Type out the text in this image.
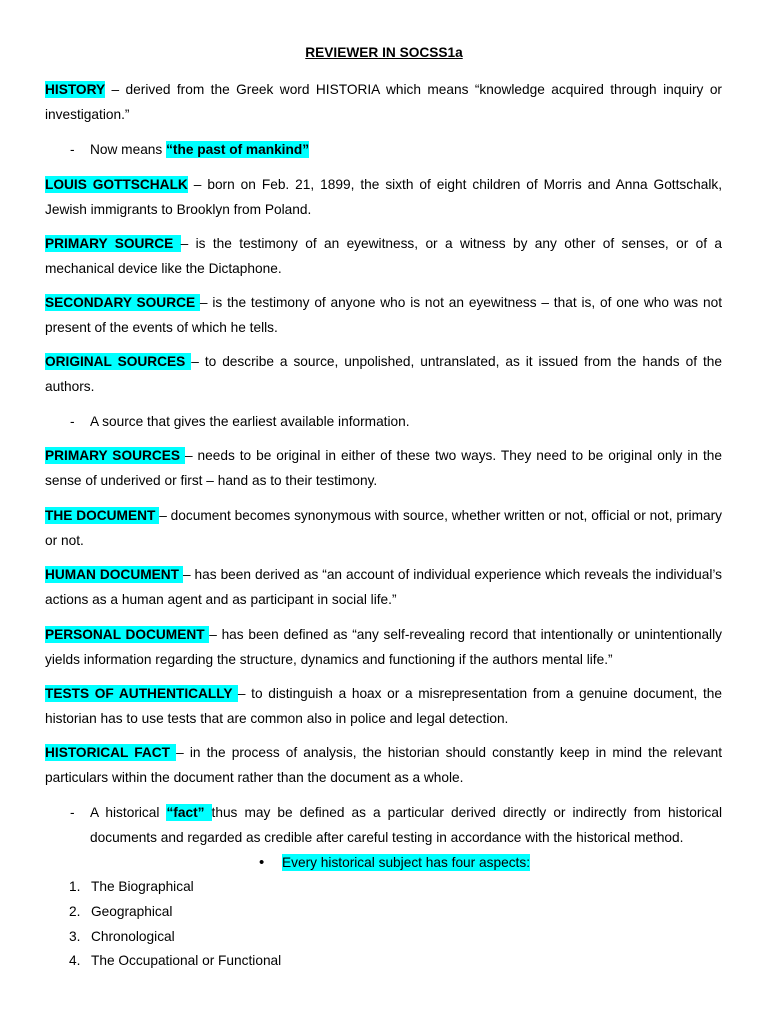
REVIEWER IN SOCSS1a
HISTORY – derived from the Greek word HISTORIA which means “knowledge acquired through inquiry or investigation.”
- Now means “the past of mankind”
LOUIS GOTTSCHALK – born on Feb. 21, 1899, the sixth of eight children of Morris and Anna Gottschalk, Jewish immigrants to Brooklyn from Poland.
PRIMARY SOURCE – is the testimony of an eyewitness, or a witness by any other of senses, or of a mechanical device like the Dictaphone.
SECONDARY SOURCE – is the testimony of anyone who is not an eyewitness – that is, of one who was not present of the events of which he tells.
ORIGINAL SOURCES – to describe a source, unpolished, untranslated, as it issued from the hands of the authors.
- A source that gives the earliest available information.
PRIMARY SOURCES – needs to be original in either of these two ways. They need to be original only in the sense of underived or first – hand as to their testimony.
THE DOCUMENT – document becomes synonymous with source, whether written or not, official or not, primary or not.
HUMAN DOCUMENT – has been derived as “an account of individual experience which reveals the individual’s actions as a human agent and as participant in social life.”
PERSONAL DOCUMENT – has been defined as “any self-revealing record that intentionally or unintentionally yields information regarding the structure, dynamics and functioning if the authors mental life.”
TESTS OF AUTHENTICALLY – to distinguish a hoax or a misrepresentation from a genuine document, the historian has to use tests that are common also in police and legal detection.
HISTORICAL FACT – in the process of analysis, the historian should constantly keep in mind the relevant particulars within the document rather than the document as a whole.
- A historical “fact” thus may be defined as a particular derived directly or indirectly from historical documents and regarded as credible after careful testing in accordance with the historical method.
• Every historical subject has four aspects:
1. The Biographical
2. Geographical
3. Chronological
4. The Occupational or Functional
